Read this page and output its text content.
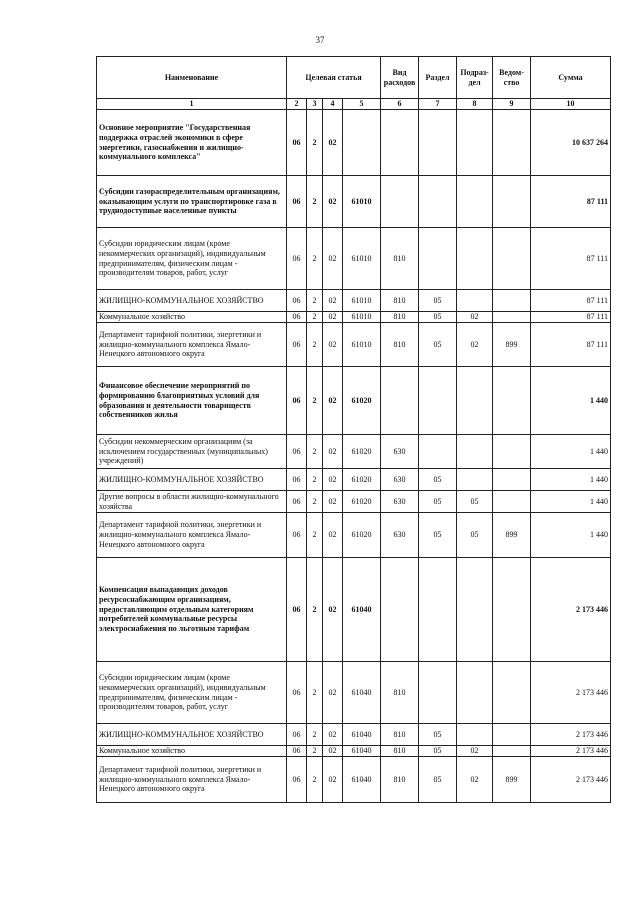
37
Наименование	Целевая статья				Вид расходов	Раздел	Подраз-дел	Ведом-ство	Сумма
1	2	3	4	5	6	7	8	9	10
Основное мероприятие "Государственная поддержка отраслей экономики в сфере энергетики, газоснабжения и жилищно-коммунального комплекса"	06	2	02						10 637 264
Субсидии газораспределительным организациям, оказывающим услуги по транспортировке газа в труднодоступные населенные пункты	06	2	02	61010					87 111
Субсидии юридическим лицам (кроме некоммерческих организаций), индивидуальным предпринимателям, физическим лицам - производителям товаров, работ, услуг	06	2	02	61010	810				87 111
ЖИЛИЩНО-КОММУНАЛЬНОЕ ХОЗЯЙСТВО	06	2	02	61010	810	05			87 111
Коммунальное хозяйство	06	2	02	61010	810	05	02		87 111
Департамент тарифной политики, энергетики и жилищно-коммунального комплекса Ямало-Ненецкого автономного округа	06	2	02	61010	810	05	02	899	87 111
Финансовое обеспечение мероприятий по формированию благоприятных условий для образования и деятельности товариществ собственников жилья	06	2	02	61020					1 440
Субсидии некоммерческим организациям (за исключением государственных (муниципальных) учреждений)	06	2	02	61020	630				1 440
ЖИЛИЩНО-КОММУНАЛЬНОЕ ХОЗЯЙСТВО	06	2	02	61020	630	05			1 440
Другие вопросы в области жилищно-коммунального хозяйства	06	2	02	61020	630	05	05		1 440
Департамент тарифной политики, энергетики и жилищно-коммунального комплекса Ямало-Ненецкого автономного округа	06	2	02	61020	630	05	05	899	1 440
Компенсация выпадающих доходов ресурсоснабжающим организациям, предоставляющим отдельным категориям потребителей коммунальные ресурсы электроснабжения по льготным тарифам	06	2	02	61040					2 173 446
Субсидии юридическим лицам (кроме некоммерческих организаций), индивидуальным предпринимателям, физическим лицам - производителям товаров, работ, услуг	06	2	02	61040	810				2 173 446
ЖИЛИЩНО-КОММУНАЛЬНОЕ ХОЗЯЙСТВО	06	2	02	61040	810	05			2 173 446
Коммунальное хозяйство	06	2	02	61040	810	05	02		2 173 446
Департамент тарифной политики, энергетики и жилищно-коммунального комплекса Ямало-Ненецкого автономного округа	06	2	02	61040	810	05	02	899	2 173 446
